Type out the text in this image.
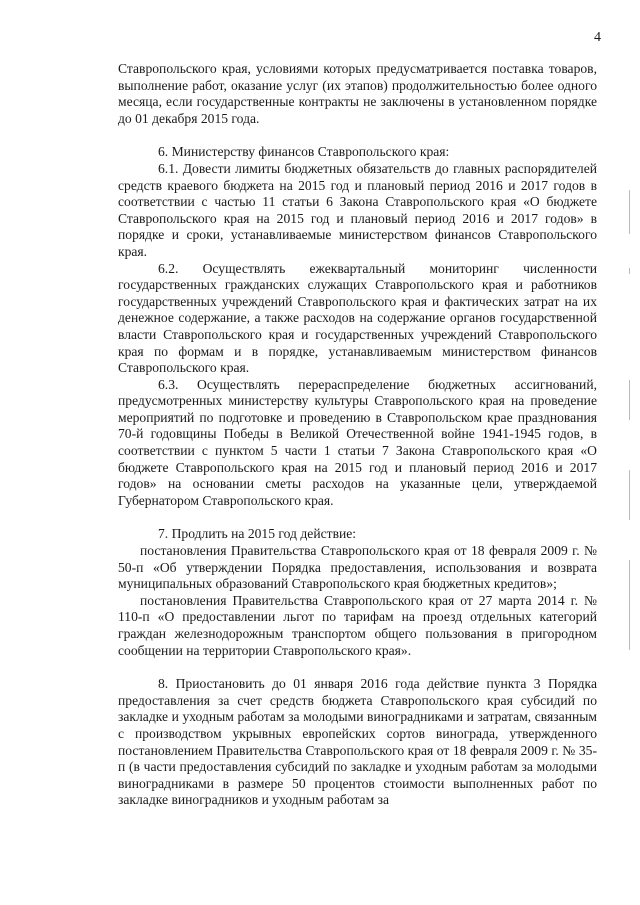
4

Ставропольского края, условиями которых предусматривается поставка товаров, выполнение работ, оказание услуг (их этапов) продолжительностью более одного месяца, если государственные контракты не заключены в установленном порядке до 01 декабря 2015 года.

6. Министерству финансов Ставропольского края:

6.1. Довести лимиты бюджетных обязательств до главных распорядителей средств краевого бюджета на 2015 год и плановый период 2016 и 2017 годов в соответствии с частью 11 статьи 6 Закона Ставропольского края «О бюджете Ставропольского края на 2015 год и плановый период 2016 и 2017 годов» в порядке и сроки, устанавливаемые министерством финансов Ставропольского края.

6.2. Осуществлять ежеквартальный мониторинг численности государственных гражданских служащих Ставропольского края и работников государственных учреждений Ставропольского края и фактических затрат на их денежное содержание, а также расходов на содержание органов государственной власти Ставропольского края и государственных учреждений Ставропольского края по формам и в порядке, устанавливаемым министерством финансов Ставропольского края.

6.3. Осуществлять перераспределение бюджетных ассигнований, предусмотренных министерству культуры Ставропольского края на проведение мероприятий по подготовке и проведению в Ставропольском крае празднования 70-й годовщины Победы в Великой Отечественной войне 1941-1945 годов, в соответствии с пунктом 5 части 1 статьи 7 Закона Ставропольского края «О бюджете Ставропольского края на 2015 год и плановый период 2016 и 2017 годов» на основании сметы расходов на указанные цели, утверждаемой Губернатором Ставропольского края.

7. Продлить на 2015 год действие:

постановления Правительства Ставропольского края от 18 февраля 2009 г. № 50-п «Об утверждении Порядка предоставления, использования и возврата муниципальных образований Ставропольского края бюджетных кредитов»;

постановления Правительства Ставропольского края от 27 марта 2014 г. № 110-п «О предоставлении льгот по тарифам на проезд отдельных категорий граждан железнодорожным транспортом общего пользования в пригородном сообщении на территории Ставропольского края».

8. Приостановить до 01 января 2016 года действие пункта 3 Порядка предоставления за счет средств бюджета Ставропольского края субсидий по закладке и уходным работам за молодыми виноградниками и затратам, связанным с производством укрывных европейских сортов винограда, утвержденного постановлением Правительства Ставропольского края от 18 февраля 2009 г. № 35-п (в части предоставления субсидий по закладке и уходным работам за молодыми виноградниками в размере 50 процентов стоимости выполненных работ по закладке виноградников и уходным работам за
